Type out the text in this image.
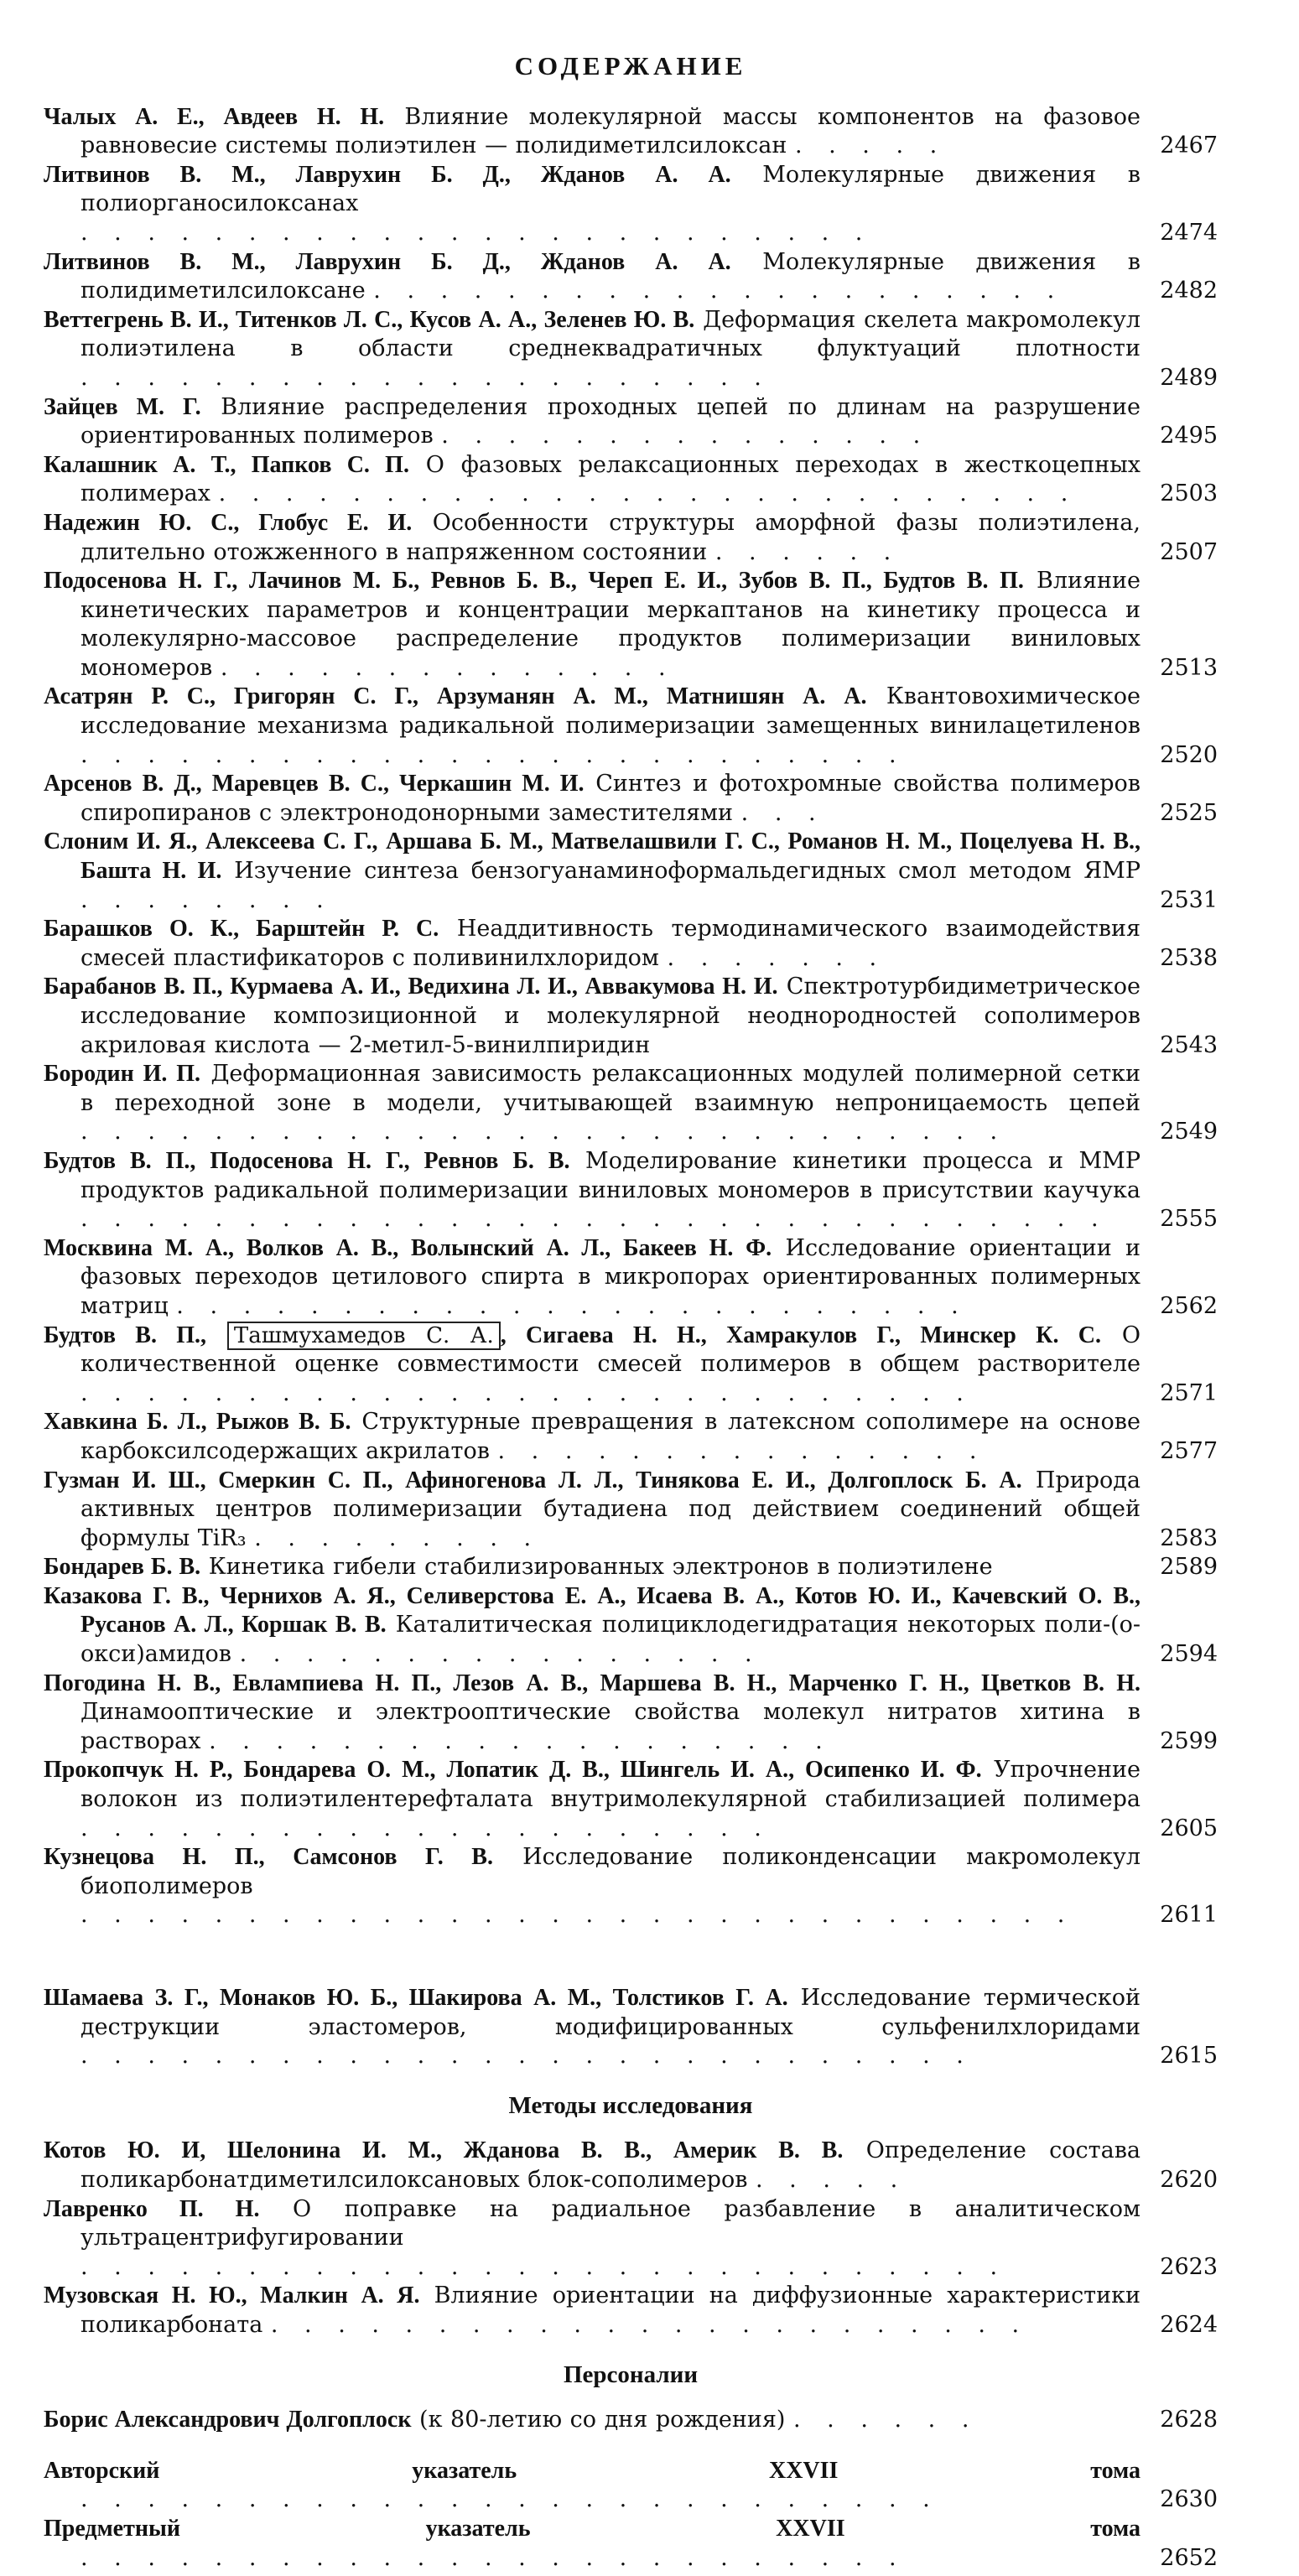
СОДЕРЖАНИЕ
Чалых А. Е., Авдеев Н. Н. Влияние молекулярной массы компонентов на фазовое равновесие системы полиэтилен — полидиметилсилоксан . . . . .	2467
Литвинов В. М., Лаврухин Б. Д., Жданов А. А. Молекулярные движения в полиорганосилоксанах . . . . . . . . . . . . . . . . . . . . . . . .	2474
Литвинов В. М., Лаврухин Б. Д., Жданов А. А. Молекулярные движения в полидиметилсилоксане . . . . . . . . . . . . . . . . . . . . .	2482
Веттегрень В. И., Титенков Л. С., Кусов А. А., Зеленев Ю. В. Деформация скелета макромолекул полиэтилена в области среднеквадратичных флуктуаций плотности . . . . . . . . . . . . . . . . . . . . .	2489
Зайцев М. Г. Влияние распределения проходных цепей по длинам на разрушение ориентированных полимеров . . . . . . . . . . . . . . .	2495
Калашник А. Т., Папков С. П. О фазовых релаксационных переходах в жесткоцепных полимерах . . . . . . . . . . . . . . . . . . . . . . . . . .	2503
Надежин Ю. С., Глобус Е. И. Особенности структуры аморфной фазы полиэтилена, длительно отожженного в напряженном состоянии . . . . . .	2507
Подосенова Н. Г., Лачинов М. Б., Ревнов Б. В., Череп Е. И., Зубов В. П., Будтов В. П. Влияние кинетических параметров и концентрации меркаптанов на кинетику процесса и молекулярно-массовое распределение продуктов полимеризации виниловых мономеров . . . . . . . . . . . . . .	2513
Асатрян Р. С., Григорян С. Г., Арзуманян А. М., Матнишян А. А. Квантовохимическое исследование механизма радикальной полимеризации замещенных винилацетиленов . . . . . . . . . . . . . . . . . . . . . . . . .	2520
Арсенов В. Д., Маревцев В. С., Черкашин М. И. Синтез и фотохромные свойства полимеров спиропиранов с электронодонорными заместителями . . .	2525
Слоним И. Я., Алексеева С. Г., Аршава Б. М., Матвелашвили Г. С., Романов Н. М., Поцелуева Н. В., Башта Н. И. Изучение синтеза бензогуанаминоформальдегидных смол методом ЯМР . . . . . . . .	2531
Барашков О. К., Барштейн Р. С. Неаддитивность термодинамического взаимодействия смесей пластификаторов с поливинилхлоридом . . . . . . .	2538
Барабанов В. П., Курмаева А. И., Ведихина Л. И., Аввакумова Н. И. Спектротурбидиметрическое исследование композиционной и молекулярной неоднородностей сополимеров акриловая кислота — 2-метил-5-винилпиридин	2543
Бородин И. П. Деформационная зависимость релаксационных модулей полимерной сетки в переходной зоне в модели, учитывающей взаимную непроницаемость цепей . . . . . . . . . . . . . . . . . . . . . . . . . . . .	2549
Будтов В. П., Подосенова Н. Г., Ревнов Б. В. Моделирование кинетики процесса и ММР продуктов радикальной полимеризации виниловых мономеров в присутствии каучука . . . . . . . . . . . . . . . . . . . . . . . . . . . . . . .	2555
Москвина М. А., Волков А. В., Волынский А. Л., Бакеев Н. Ф. Исследование ориентации и фазовых переходов цетилового спирта в микропорах ориентированных полимерных матриц . . . . . . . . . . . . . . . . . . . . . . . .	2562
Будтов В. П., Ташмухамедов С. А. , Сигаева Н. Н., Хамракулов Г., Минскер К. С. О количественной оценке совместимости смесей полимеров в общем растворителе . . . . . . . . . . . . . . . . . . . . . . . . . . .	2571
Хавкина Б. Л., Рыжов В. Б. Структурные превращения в латексном сополимере на основе карбоксилсодержащих акрилатов . . . . . . . . . . . . . . .	2577
Гузман И. Ш., Смеркин С. П., Афиногенова Л. Л., Тинякова Е. И., Долгоплоск Б. А. Природа активных центров полимеризации бутадиена под действием соединений общей формулы TiR₃ . . . . . . . . .	2583
Бондарев Б. В. Кинетика гибели стабилизированных электронов в полиэтилене	2589
Казакова Г. В., Чернихов А. Я., Селиверстова Е. А., Исаева В. А., Котов Ю. И., Качевский О. В., Русанов А. Л., Коршак В. В. Каталитическая полициклодегидратация некоторых поли-(о-окси)амидов . . . . . . . . . . . . . . . .	2594
Погодина Н. В., Евлампиева Н. П., Лезов А. В., Маршева В. Н., Марченко Г. Н., Цветков В. Н. Динамооптические и электрооптические свойства молекул нитратов хитина в растворах . . . . . . . . . . . . . . . . . . .	2599
Прокопчук Н. Р., Бондарева О. М., Лопатик Д. В., Шингель И. А., Осипенко И. Ф. Упрочнение волокон из полиэтилентерефталата внутримолекулярной стабилизацией полимера . . . . . . . . . . . . . . . . . . . . .	2605
Кузнецова Н. П., Самсонов Г. В. Исследование поликонденсации макромолекул биополимеров . . . . . . . . . . . . . . . . . . . . . . . . . . . . . .	2611
Шамаева З. Г., Монаков Ю. Б., Шакирова А. М., Толстиков Г. А. Исследование термической деструкции эластомеров, модифицированных сульфенилхлоридами . . . . . . . . . . . . . . . . . . . . . . . . . . .	2615
Методы исследования
Котов Ю. И, Шелонина И. М., Жданова В. В., Америк В. В. Определение состава поликарбонатдиметилсилоксановых блок-сополимеров . . . . .	2620
Лавренко П. Н. О поправке на радиальное разбавление в аналитическом ультрацентрифугировании . . . . . . . . . . . . . . . . . . . . . . . . . . . .	2623
Музовская Н. Ю., Малкин А. Я. Влияние ориентации на диффузионные характеристики поликарбоната . . . . . . . . . . . . . . . . . . . . . . .	2624
Персоналии
Борис Александрович Долгоплоск (к 80-летию со дня рождения) . . . . . .	2628
Авторский указатель XXVII тома . . . . . . . . . . . . . . . . . . . . . . . . . .	2630
Предметный указатель XXVII тома . . . . . . . . . . . . . . . . . . . . . . . . .	2652
